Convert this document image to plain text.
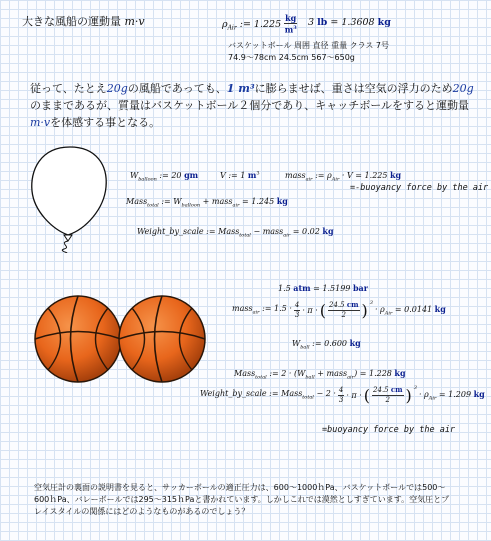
大きな風船の運動量 m·v	$\rho_{Air}$ := $1.225 \frac{kg}{m^3} 3$ lb = 1.3608 kg
バスケットボール 周囲 直径 重量 クラス 7号
74.9～78cm 24.5cm 567～650g
従って、たとえ20gの風船であっても、1 m³に膨らませば、重さは空気の浮力のため20gのままであるが、質量はバスケットボール２個分であり、キャッチボールをすると運動量m·vを体感する事となる。
$W_{balloon}$ := 20 gm	V := 1 $m^3$	mass$_{air}$ := $\rho_{Air} \cdot V = 1.225$ kg
=-buoyancy force by the air
Mass$_{total}$ := $W_{balloon}$ + mass$_{air}$ = 1.245 kg
Weight_by_scale := Mass$_{total}$ − mass$_{air}$ = 0.02 kg
1.5 atm = 1.5199 bar
mass$_{air}$ := 1.5 · 4
3 · π · ( 24.5 cm
2 ) $^3$
· $\rho_{Air} = 0.0141$ kg
$W_{ball}$ := 0.600 kg
Mass$_{total}$ := $2 \cdot (W_{ball}$ + mass$_{air}$) = 1.228 kg
Weight_by_scale := Mass$_{total}$ − 2 · 4
3 · π · ( 24.5 cm
2 ) $^3$
· $\rho_{Air} = 1.209$ kg
=buoyancy force by the air
空気圧計の裏面の説明書を見ると、サッカーボールの適正圧力は、600～1000ｈPa、バスケットボールでは500～600ｈPa、バレーボールでは295～315ｈPaと書かれています。しかしこれでは漠然としすぎています。空気圧とプレイスタイルの関係にはどのようなものがあるのでしょう？
